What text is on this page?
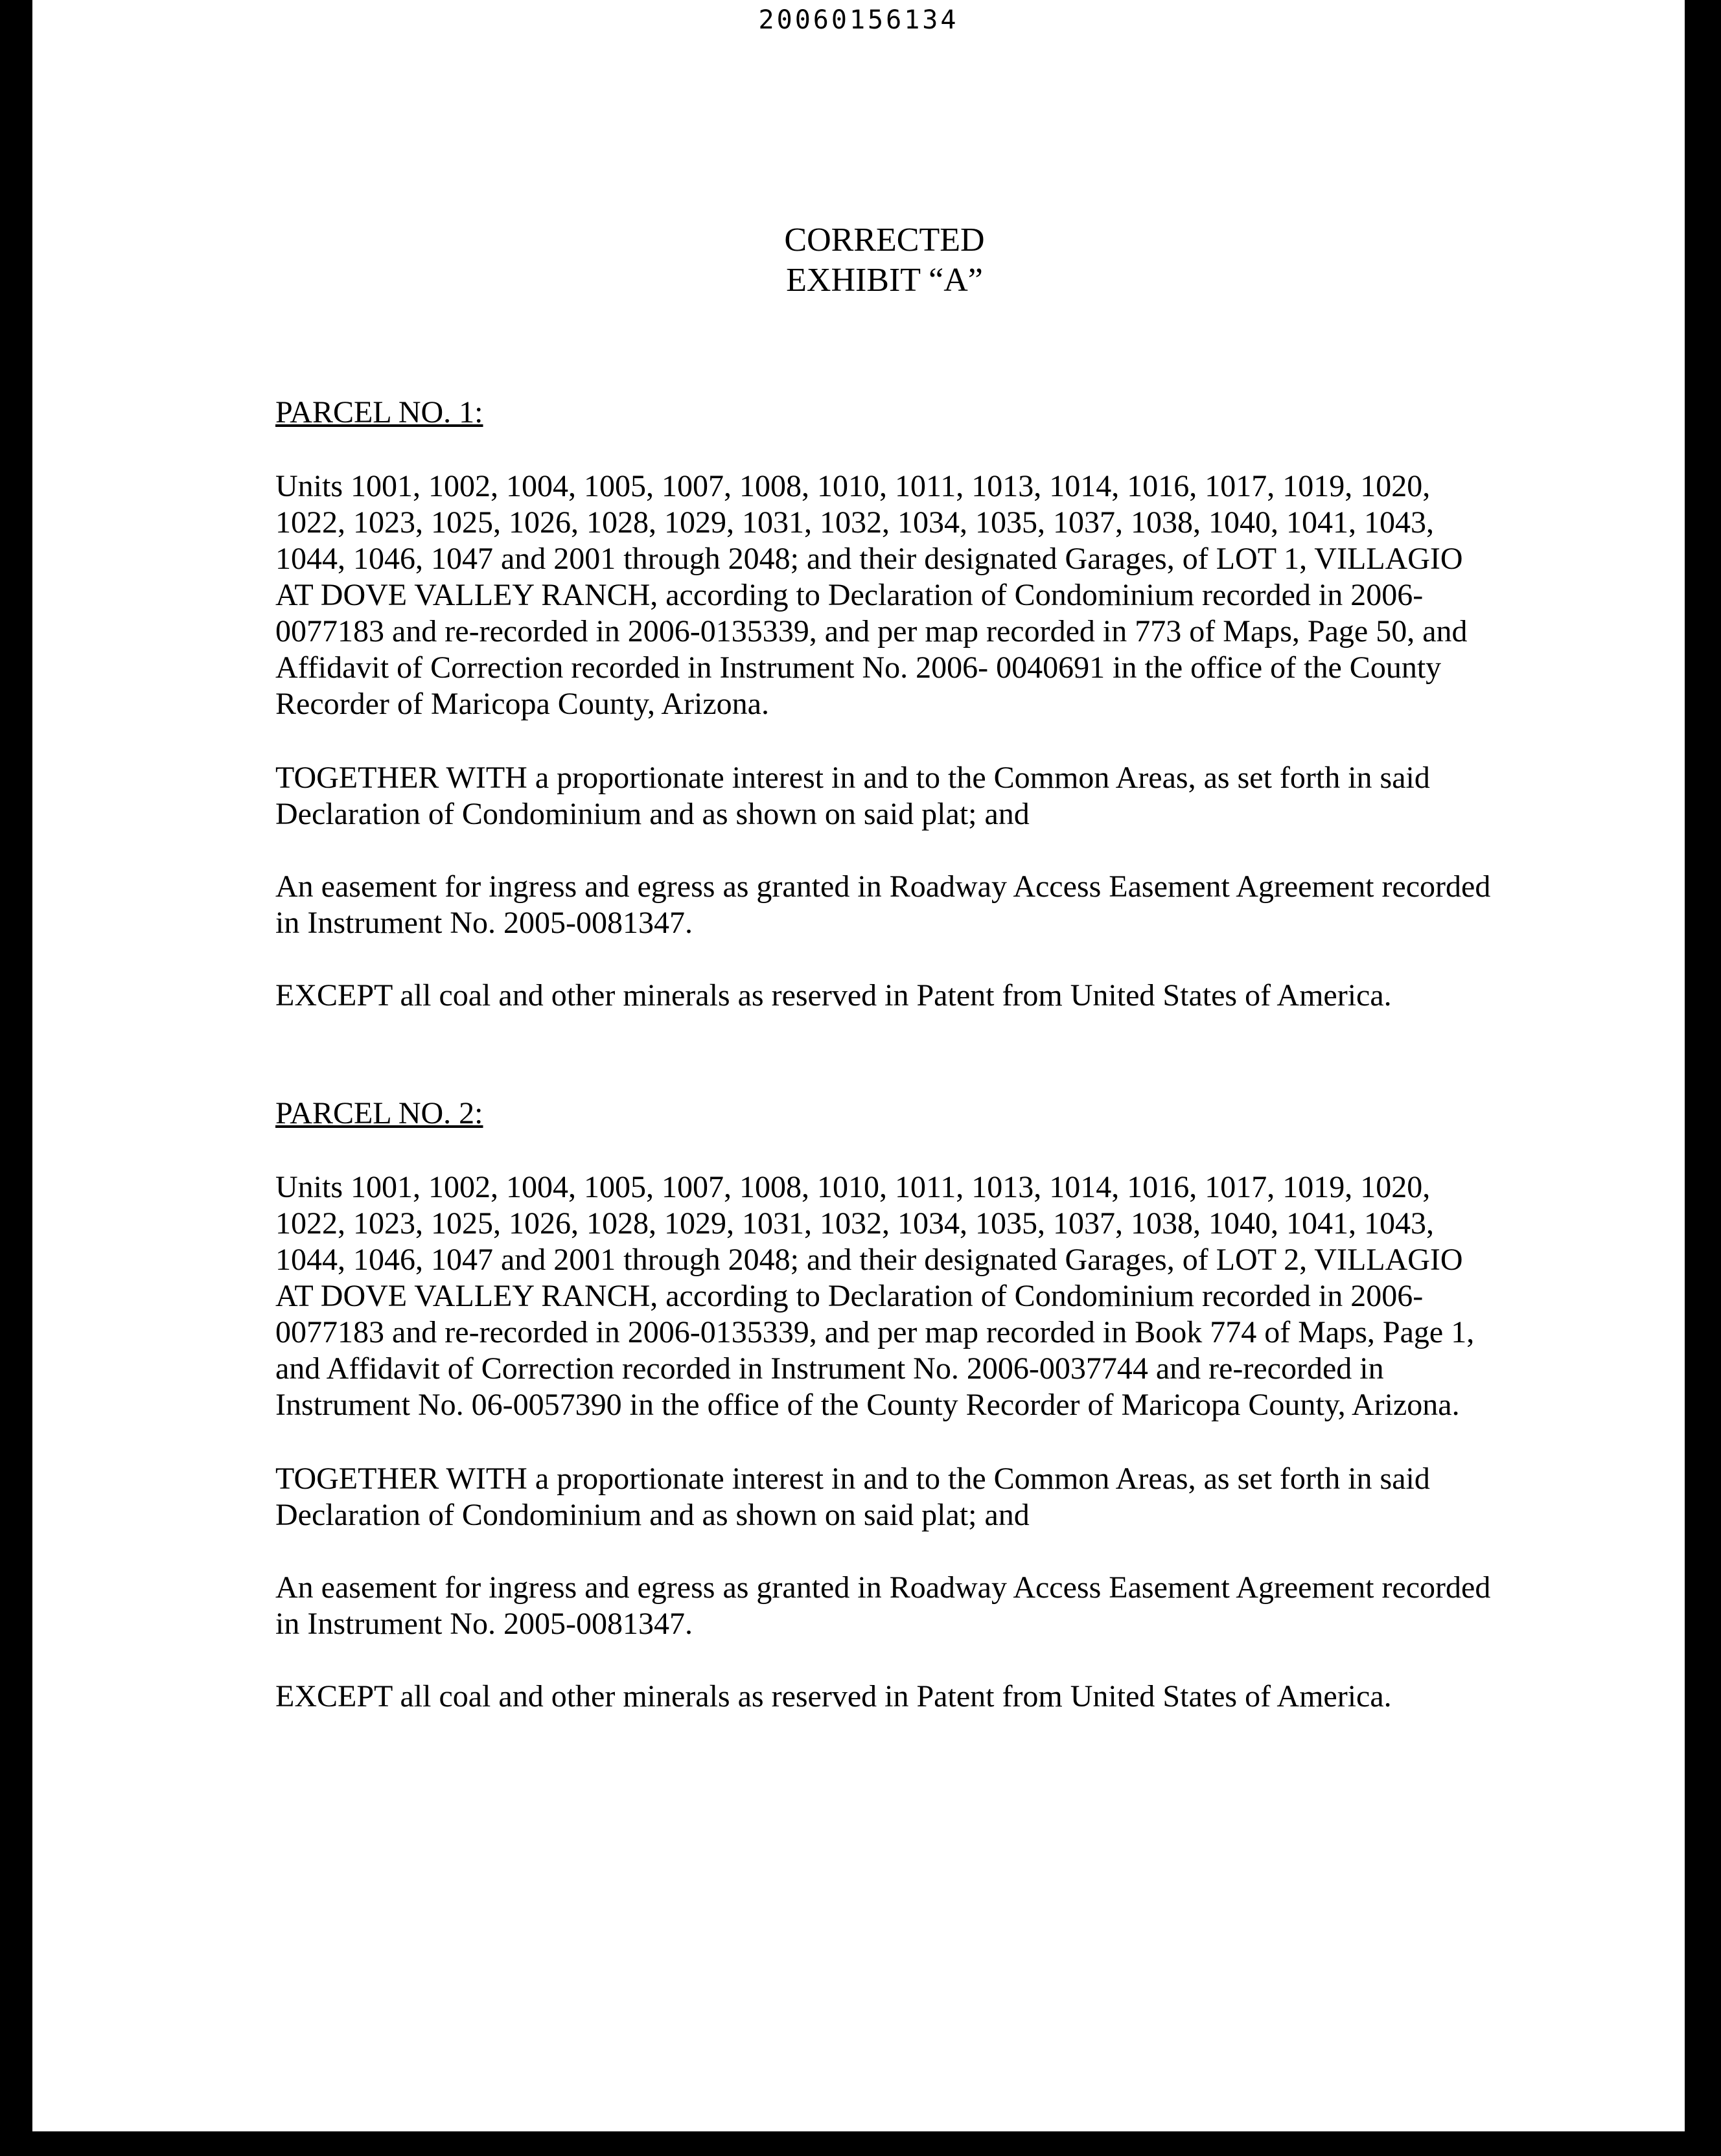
20060156134
CORRECTED
EXHIBIT “A”
PARCEL NO. 1:

Units 1001, 1002, 1004, 1005, 1007, 1008, 1010, 1011, 1013, 1014, 1016, 1017, 1019, 1020, 1022, 1023, 1025, 1026, 1028, 1029, 1031, 1032, 1034, 1035, 1037, 1038, 1040, 1041, 1043, 1044, 1046, 1047 and 2001 through 2048; and their designated Garages, of LOT 1, VILLAGIO AT DOVE VALLEY RANCH, according to Declaration of Condominium recorded in 2006-0077183 and re-recorded in 2006-0135339, and per map recorded in 773 of Maps, Page 50, and Affidavit of Correction recorded in Instrument No. 2006- 0040691 in the office of the County Recorder of Maricopa County, Arizona.

TOGETHER WITH a proportionate interest in and to the Common Areas, as set forth in said Declaration of Condominium and as shown on said plat; and

An easement for ingress and egress as granted in Roadway Access Easement Agreement recorded in Instrument No. 2005-0081347.

EXCEPT all coal and other minerals as reserved in Patent from United States of America.

PARCEL NO. 2:

Units 1001, 1002, 1004, 1005, 1007, 1008, 1010, 1011, 1013, 1014, 1016, 1017, 1019, 1020, 1022, 1023, 1025, 1026, 1028, 1029, 1031, 1032, 1034, 1035, 1037, 1038, 1040, 1041, 1043, 1044, 1046, 1047 and 2001 through 2048; and their designated Garages, of LOT 2, VILLAGIO AT DOVE VALLEY RANCH, according to Declaration of Condominium recorded in 2006-0077183 and re-recorded in 2006-0135339, and per map recorded in Book 774 of Maps, Page 1, and Affidavit of Correction recorded in Instrument No. 2006-0037744 and re-recorded in Instrument No. 06-0057390 in the office of the County Recorder of Maricopa County, Arizona.

TOGETHER WITH a proportionate interest in and to the Common Areas, as set forth in said Declaration of Condominium and as shown on said plat; and

An easement for ingress and egress as granted in Roadway Access Easement Agreement recorded in Instrument No. 2005-0081347.

EXCEPT all coal and other minerals as reserved in Patent from United States of America.
